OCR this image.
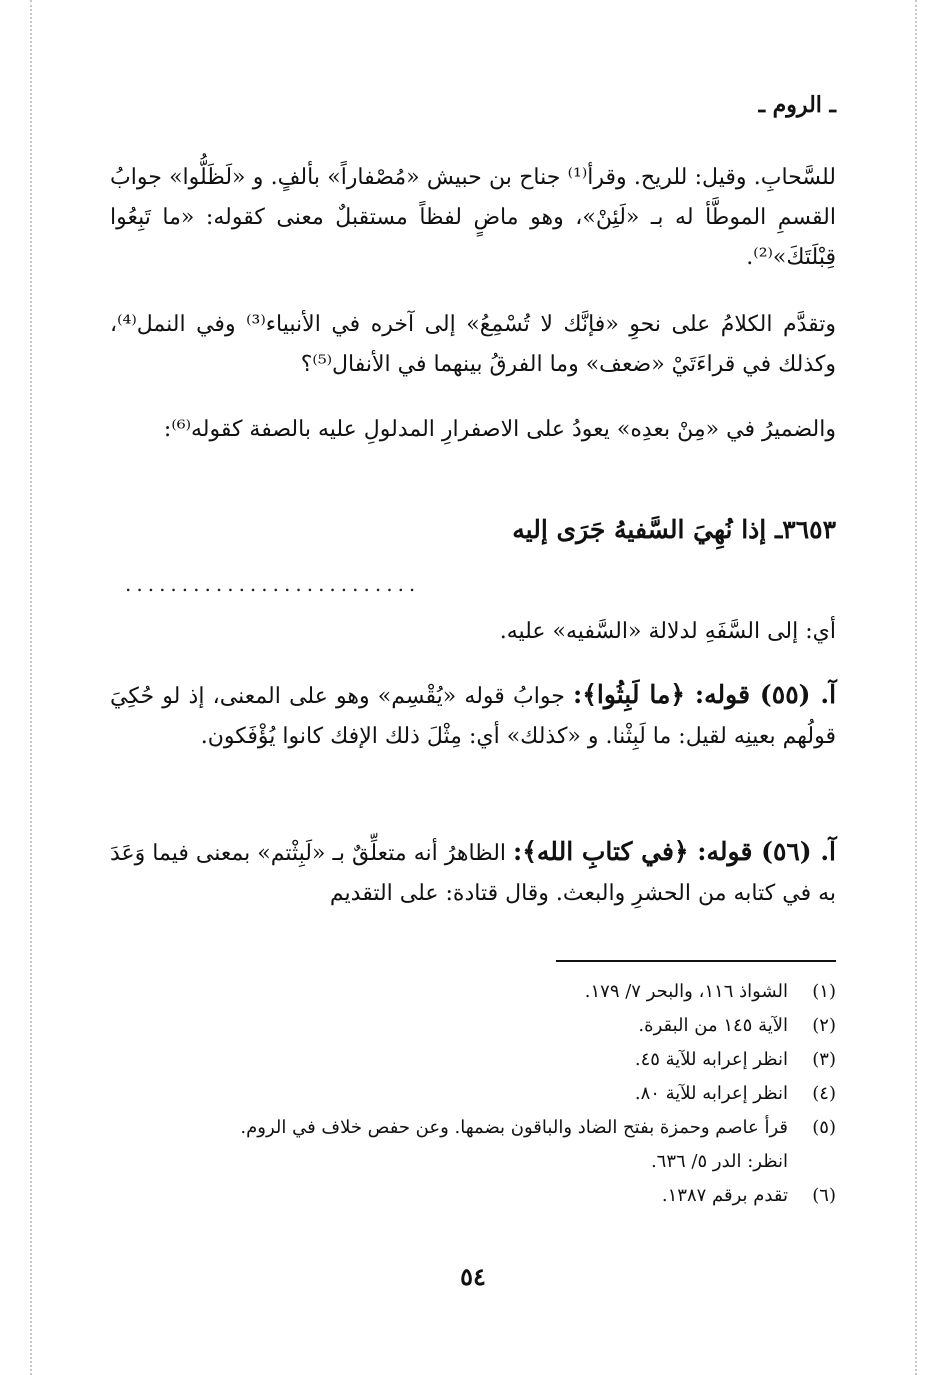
ـ الروم ـ
للسَّحابِ. وقيل: للريح. وقرأ⁽¹⁾ جناح بن حبيش «مُصْفاراً» بألفٍ. و «لَظَلُّوا» جوابُ القسمِ الموطَّأ له بـ «لَئِنْ»، وهو ماضٍ لفظاً مستقبلٌ معنى كقوله: «ما تَبِعُوا قِبْلَتَكَ»⁽²⁾.
وتقدَّم الكلامُ على نحوِ «فإنَّك لا تُسْمِعُ» إلى آخره في الأنبياء⁽³⁾ وفي النمل⁽⁴⁾، وكذلك في قراءَتَيْ «ضعف» وما الفرقُ بينهما في الأنفال⁽⁵⁾؟
والضميرُ في «مِنْ بعدِه» يعودُ على الاصفرارِ المدلولِ عليه بالصفة كقوله⁽⁶⁾:
٣٦٥٣ـ إذا نُهِيَ السَّفيهُ جَرَى إليه
..........................
أي: إلى السَّفَهِ لدلالة «السَّفيه» عليه.
آ. (٥٥) قوله: ﴿ما لَبِثُوا﴾: جوابُ قوله «يُقْسِم» وهو على المعنى، إذ لو حُكِيَ قولُهم بعينِه لقيل: ما لَبِثْنا. و «كذلك» أي: مِثْلَ ذلك الإفك كانوا يُؤْفَكون.
آ. (٥٦) قوله: ﴿في كتابِ الله﴾: الظاهرُ أنه متعلِّقٌ بـ «لَبِثْتم» بمعنى فيما وَعَدَ به في كتابه من الحشرِ والبعث. وقال قتادة: على التقديم
(١)الشواذ ١١٦، والبحر ٧/ ١٧٩.
(٢)الآية ١٤٥ من البقرة.
(٣)انظر إعرابه للآية ٤٥.
(٤)انظر إعرابه للآية ٨٠.
(٥)قرأ عاصم وحمزة بفتح الضاد والباقون بضمها. وعن حفص خلاف في الروم.
انظر: الدر ٥/ ٦٣٦.
(٦)تقدم برقم ١٣٨٧.
٥٤
